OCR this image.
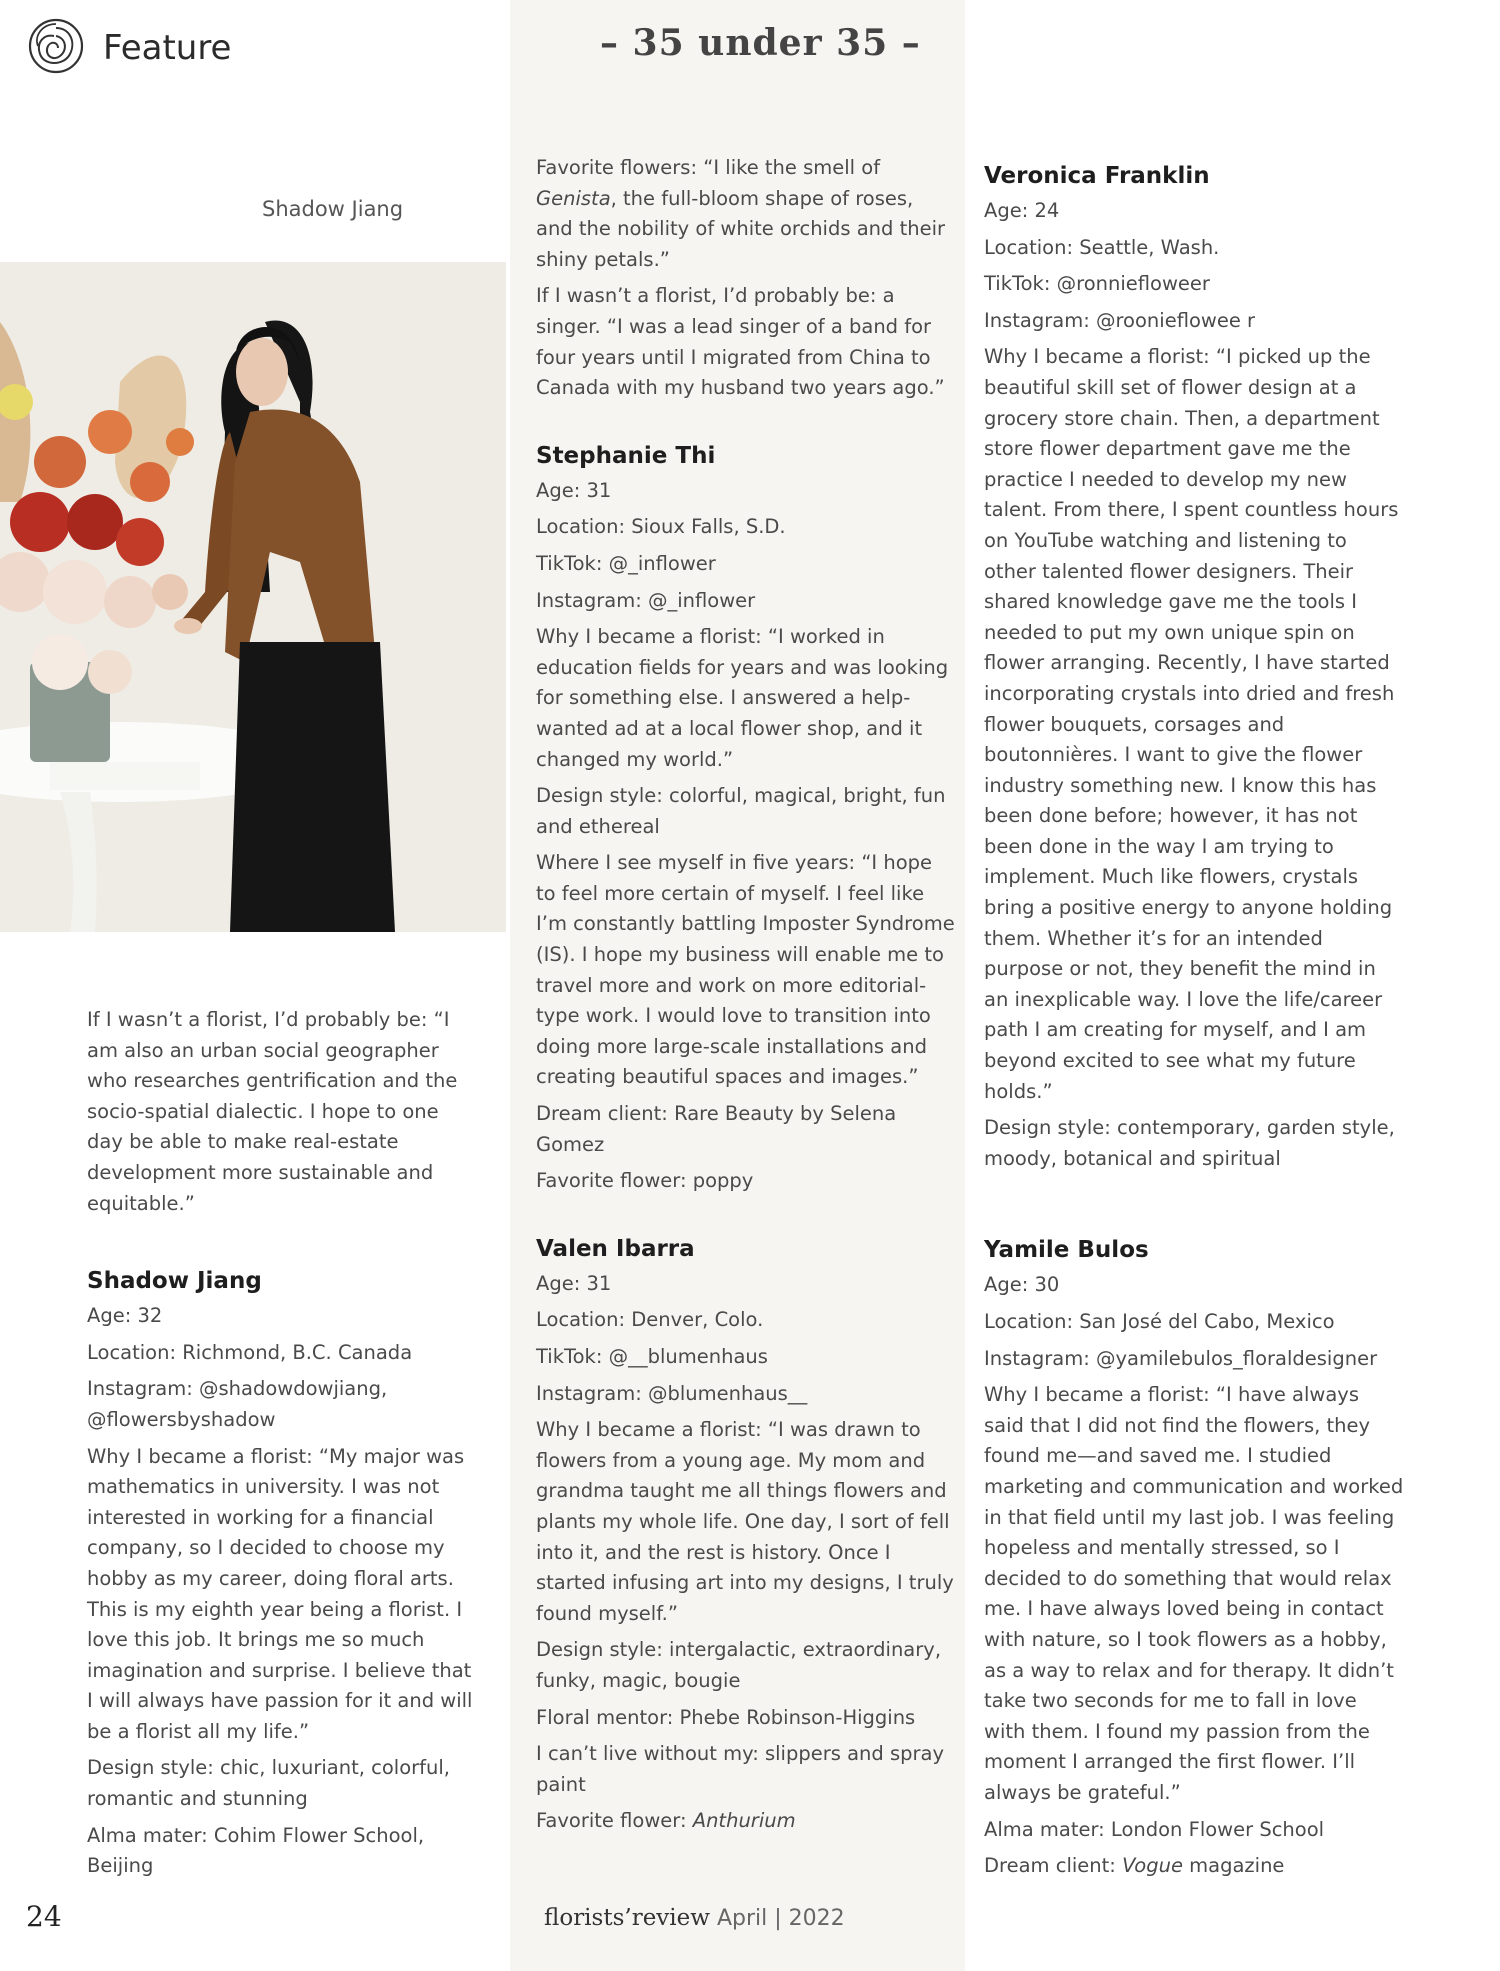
Feature	– 35 under 35 –
Shadow Jiang

If I wasn’t a florist, I’d probably be: “I am also an urban social geographer who researches gentrification and the socio-spatial dialectic. I hope to one day be able to make real-estate development more sustainable and equitable.”

Shadow Jiang

Age: 32

Location: Richmond, B.C. Canada

Instagram: @shadowdowjiang, @flowersbyshadow

Why I became a florist: “My major was mathematics in university. I was not interested in working for a financial company, so I decided to choose my hobby as my career, doing floral arts. This is my eighth year being a florist. I love this job. It brings me so much imagination and surprise. I believe that I will always have passion for it and will be a florist all my life.”

Design style: chic, luxuriant, colorful, romantic and stunning

Alma mater: Cohim Flower School, Beijing

Favorite flowers: “I like the smell of Genista, the full-bloom shape of roses, and the nobility of white orchids and their shiny petals.”

If I wasn’t a florist, I’d probably be: a singer. “I was a lead singer of a band for four years until I migrated from China to Canada with my husband two years ago.”

Stephanie Thi

Age: 31

Location: Sioux Falls, S.D.

TikTok: @_inflower

Instagram: @_inflower

Why I became a florist: “I worked in education fields for years and was looking for something else. I answered a help-wanted ad at a local flower shop, and it changed my world.”

Design style: colorful, magical, bright, fun and ethereal

Where I see myself in five years: “I hope to feel more certain of myself. I feel like I’m constantly battling Imposter Syndrome (IS). I hope my business will enable me to travel more and work on more editorial-type work. I would love to transition into doing more large-scale installations and creating beautiful spaces and images.”

Dream client: Rare Beauty by Selena Gomez

Favorite flower: poppy

Valen Ibarra

Age: 31

Location: Denver, Colo.

TikTok: @__blumenhaus

Instagram: @blumenhaus__

Why I became a florist: “I was drawn to flowers from a young age. My mom and grandma taught me all things flowers and plants my whole life. One day, I sort of fell into it, and the rest is history. Once I started infusing art into my designs, I truly found myself.”

Design style: intergalactic, extraordinary, funky, magic, bougie

Floral mentor: Phebe Robinson-Higgins

I can’t live without my: slippers and spray paint

Favorite flower: Anthurium

Veronica Franklin

Age: 24

Location: Seattle, Wash.

TikTok: @ronniefloweer

Instagram: @roonieflowee r

Why I became a florist: “I picked up the beautiful skill set of flower design at a grocery store chain. Then, a department store flower department gave me the practice I needed to develop my new talent. From there, I spent countless hours on YouTube watching and listening to other talented flower designers. Their shared knowledge gave me the tools I needed to put my own unique spin on flower arranging. Recently, I have started incorporating crystals into dried and fresh flower bouquets, corsages and boutonnières. I want to give the flower industry something new. I know this has been done before; however, it has not been done in the way I am trying to implement. Much like flowers, crystals bring a positive energy to anyone holding them. Whether it’s for an intended purpose or not, they benefit the mind in an inexplicable way. I love the life/career path I am creating for myself, and I am beyond excited to see what my future holds.”

Design style: contemporary, garden style, moody, botanical and spiritual

Yamile Bulos

Age: 30

Location: San José del Cabo, Mexico

Instagram: @yamilebulos_floraldesigner

Why I became a florist: “I have always said that I did not find the flowers, they found me—and saved me. I studied marketing and communication and worked in that field until my last job. I was feeling hopeless and mentally stressed, so I decided to do something that would relax me. I have always loved being in contact with nature, so I took flowers as a hobby, as a way to relax and for therapy. It didn’t take two seconds for me to fall in love with them. I found my passion from the moment I arranged the first flower. I’ll always be grateful.”

Alma mater: London Flower School

Dream client: Vogue magazine

24	florists’review April | 2022
